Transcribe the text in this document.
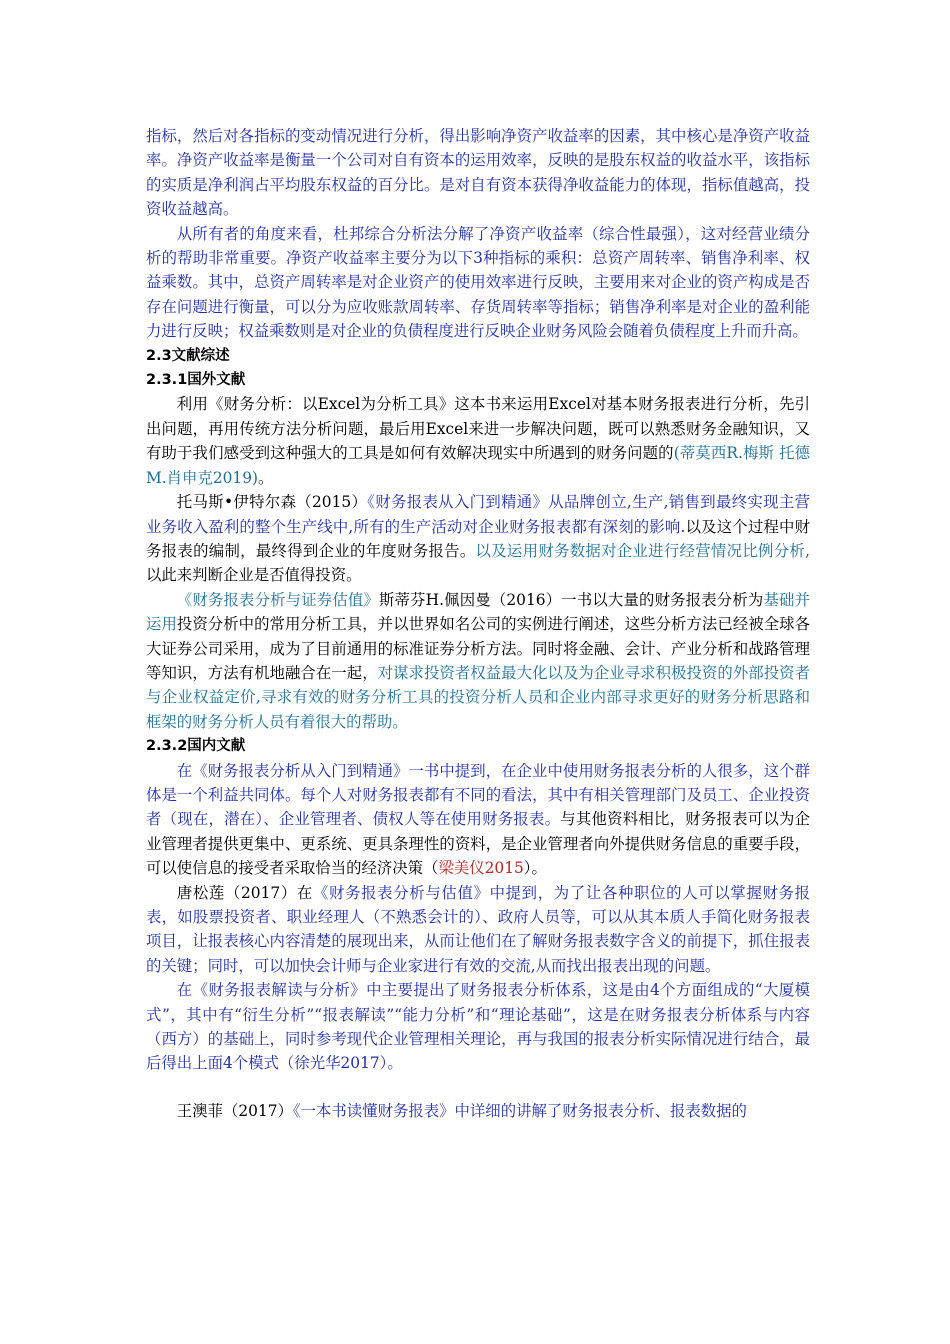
指标，然后对各指标的变动情况进行分析，得出影响净资产收益率的因素，其中核心是净资产收益率。净资产收益率是衡量一个公司对自有资本的运用效率，反映的是股东权益的收益水平，该指标的实质是净利润占平均股东权益的百分比。是对自有资本获得净收益能力的体现，指标值越高，投资收益越高。

从所有者的角度来看，杜邦综合分析法分解了净资产收益率（综合性最强），这对经营业绩分析的帮助非常重要。净资产收益率主要分为以下3种指标的乘积：总资产周转率、销售净利率、权益乘数。其中，总资产周转率是对企业资产的使用效率进行反映，主要用来对企业的资产构成是否存在问题进行衡量，可以分为应收账款周转率、存货周转率等指标；销售净利率是对企业的盈利能力进行反映；权益乘数则是对企业的负债程度进行反映企业财务风险会随着负债程度上升而升高。

2.3文献综述

2.3.1国外文献

利用《财务分析：以Excel为分析工具》这本书来运用Excel对基本财务报表进行分析，先引出问题，再用传统方法分析问题，最后用Excel来进一步解决问题，既可以熟悉财务金融知识，又有助于我们感受到这种强大的工具是如何有效解决现实中所遇到的财务问题的(蒂莫西R.梅斯 托德M.肖申克2019)。

托马斯•伊特尔森（2015）《财务报表从入门到精通》从品牌创立,生产,销售到最终实现主营业务收入盈利的整个生产线中,所有的生产活动对企业财务报表都有深刻的影响.以及这个过程中财务报表的编制，最终得到企业的年度财务报告。以及运用财务数据对企业进行经营情况比例分析,以此来判断企业是否值得投资。

《财务报表分析与证券估值》斯蒂芬H.佩因曼（2016）一书以大量的财务报表分析为基础并运用投资分析中的常用分析工具，并以世界如名公司的实例进行阐述，这些分析方法已经被全球各大证券公司采用，成为了目前通用的标准证券分析方法。同时将金融、会计、产业分析和战路管理等知识，方法有机地融合在一起，对谋求投资者权益最大化以及为企业寻求积极投资的外部投资者与企业权益定价,寻求有效的财务分析工具的投资分析人员和企业内部寻求更好的财务分析思路和框架的财务分析人员有着很大的帮助。

2.3.2国内文献

在《财务报表分析从入门到精通》一书中提到，在企业中使用财务报表分析的人很多，这个群体是一个利益共同体。每个人对财务报表都有不同的看法，其中有相关管理部门及员工、企业投资者（现在，潜在）、企业管理者、债权人等在使用财务报表。与其他资料相比，财务报表可以为企业管理者提供更集中、更系统、更具条理性的资料，是企业管理者向外提供财务信息的重要手段，可以使信息的接受者采取恰当的经济决策（梁美仪2015）。

唐松莲（2017）在《财务报表分析与估值》中提到，为了让各种职位的人可以掌握财务报表，如股票投资者、职业经理人（不熟悉会计的）、政府人员等，可以从其本质人手简化财务报表项目，让报表核心内容清楚的展现出来，从而让他们在了解财务报表数字含义的前提下，抓住报表的关键；同时，可以加快会计师与企业家进行有效的交流,从而找出报表出现的问题。

在《财务报表解读与分析》中主要提出了财务报表分析体系，这是由4个方面组成的“大厦模式”，其中有“衍生分析”“报表解读”“能力分析”和“理论基础”，这是在财务报表分析体系与内容（西方）的基础上，同时参考现代企业管理相关理论，再与我国的报表分析实际情况进行结合，最后得出上面4个模式（徐光华2017）。

王澳菲（2017）《一本书读懂财务报表》中详细的讲解了财务报表分析、报表数据的
